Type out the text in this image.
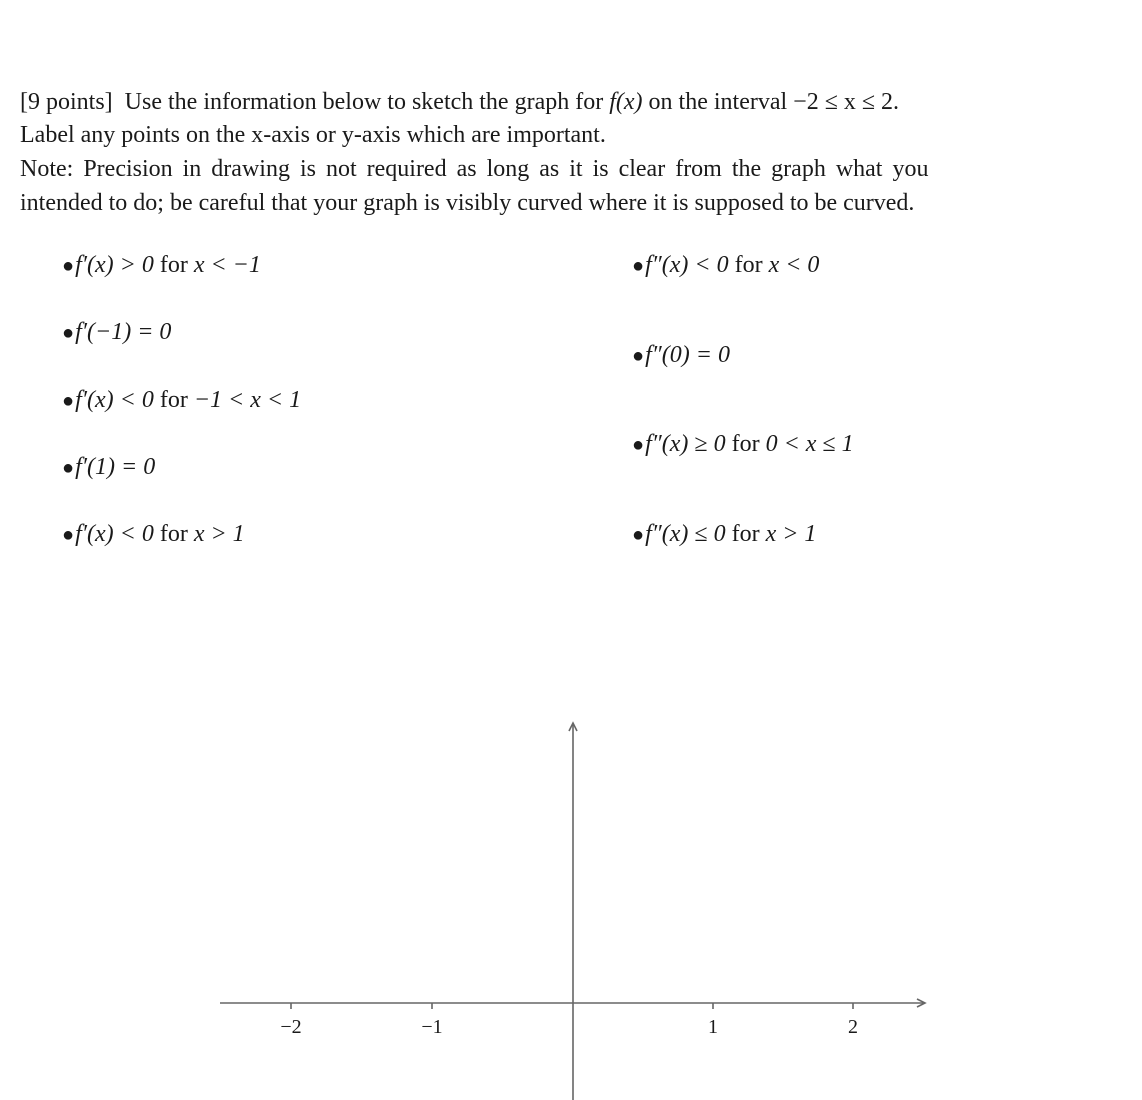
[9 points] Use the information below to sketch the graph for f(x) on the interval −2 ≤ x ≤ 2.
Label any points on the x-axis or y-axis which are important.
Note: Precision in drawing is not required as long as it is clear from the graph what you
intended to do; be careful that your graph is visibly curved where it is supposed to be curved.
●f′(x) > 0 for x < −1
●f′(−1) = 0
●f′(x) < 0 for −1 < x < 1
●f′(1) = 0
●f′(x) < 0 for x > 1
●f″(x) < 0 for x < 0
●f″(0) = 0
●f″(x) ≥ 0 for 0 < x ≤ 1
●f″(x) ≤ 0 for x > 1
−2	−1	1	2
